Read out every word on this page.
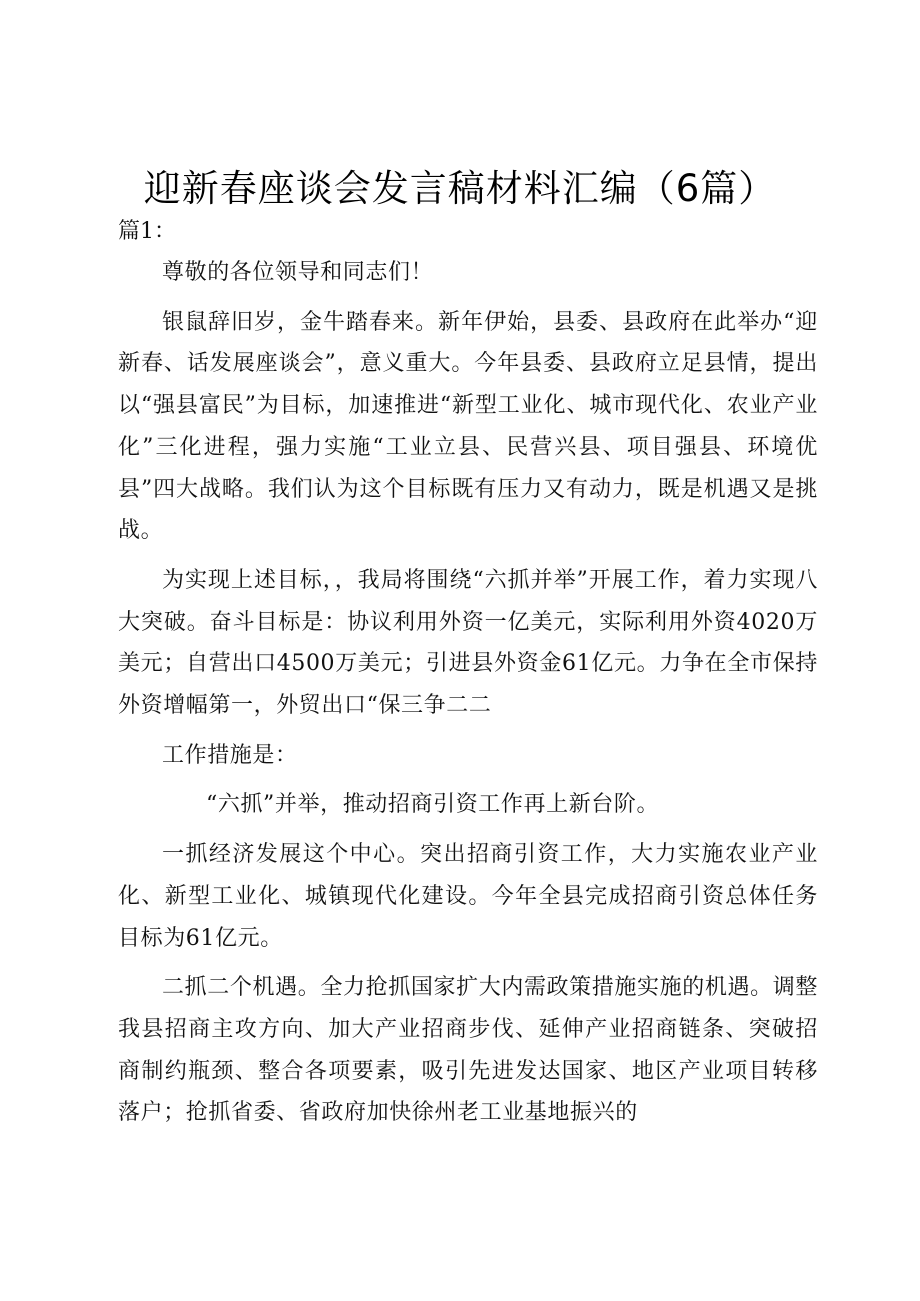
迎新春座谈会发言稿材料汇编（6篇）

篇1：

尊敬的各位领导和同志们！

银鼠辞旧岁，金牛踏春来。新年伊始，县委、县政府在此举办“迎新春、话发展座谈会”，意义重大。今年县委、县政府立足县情，提出以“强县富民”为目标，加速推进“新型工业化、城市现代化、农业产业化”三化进程，强力实施“工业立县、民营兴县、项目强县、环境优县”四大战略。我们认为这个目标既有压力又有动力，既是机遇又是挑战。

为实现上述目标，，我局将围绕“六抓并举”开展工作，着力实现八大突破。奋斗目标是：协议利用外资一亿美元，实际利用外资4020万美元；自营出口4500万美元；引进县外资金61亿元。力争在全市保持外资增幅第一，外贸出口“保三争二二

工作措施是：

“六抓”并举，推动招商引资工作再上新台阶。

一抓经济发展这个中心。突出招商引资工作，大力实施农业产业化、新型工业化、城镇现代化建设。今年全县完成招商引资总体任务目标为61亿元。

二抓二个机遇。全力抢抓国家扩大内需政策措施实施的机遇。调整我县招商主攻方向、加大产业招商步伐、延伸产业招商链条、突破招商制约瓶颈、整合各项要素，吸引先进发达国家、地区产业项目转移落户；抢抓省委、省政府加快徐州老工业基地振兴的
